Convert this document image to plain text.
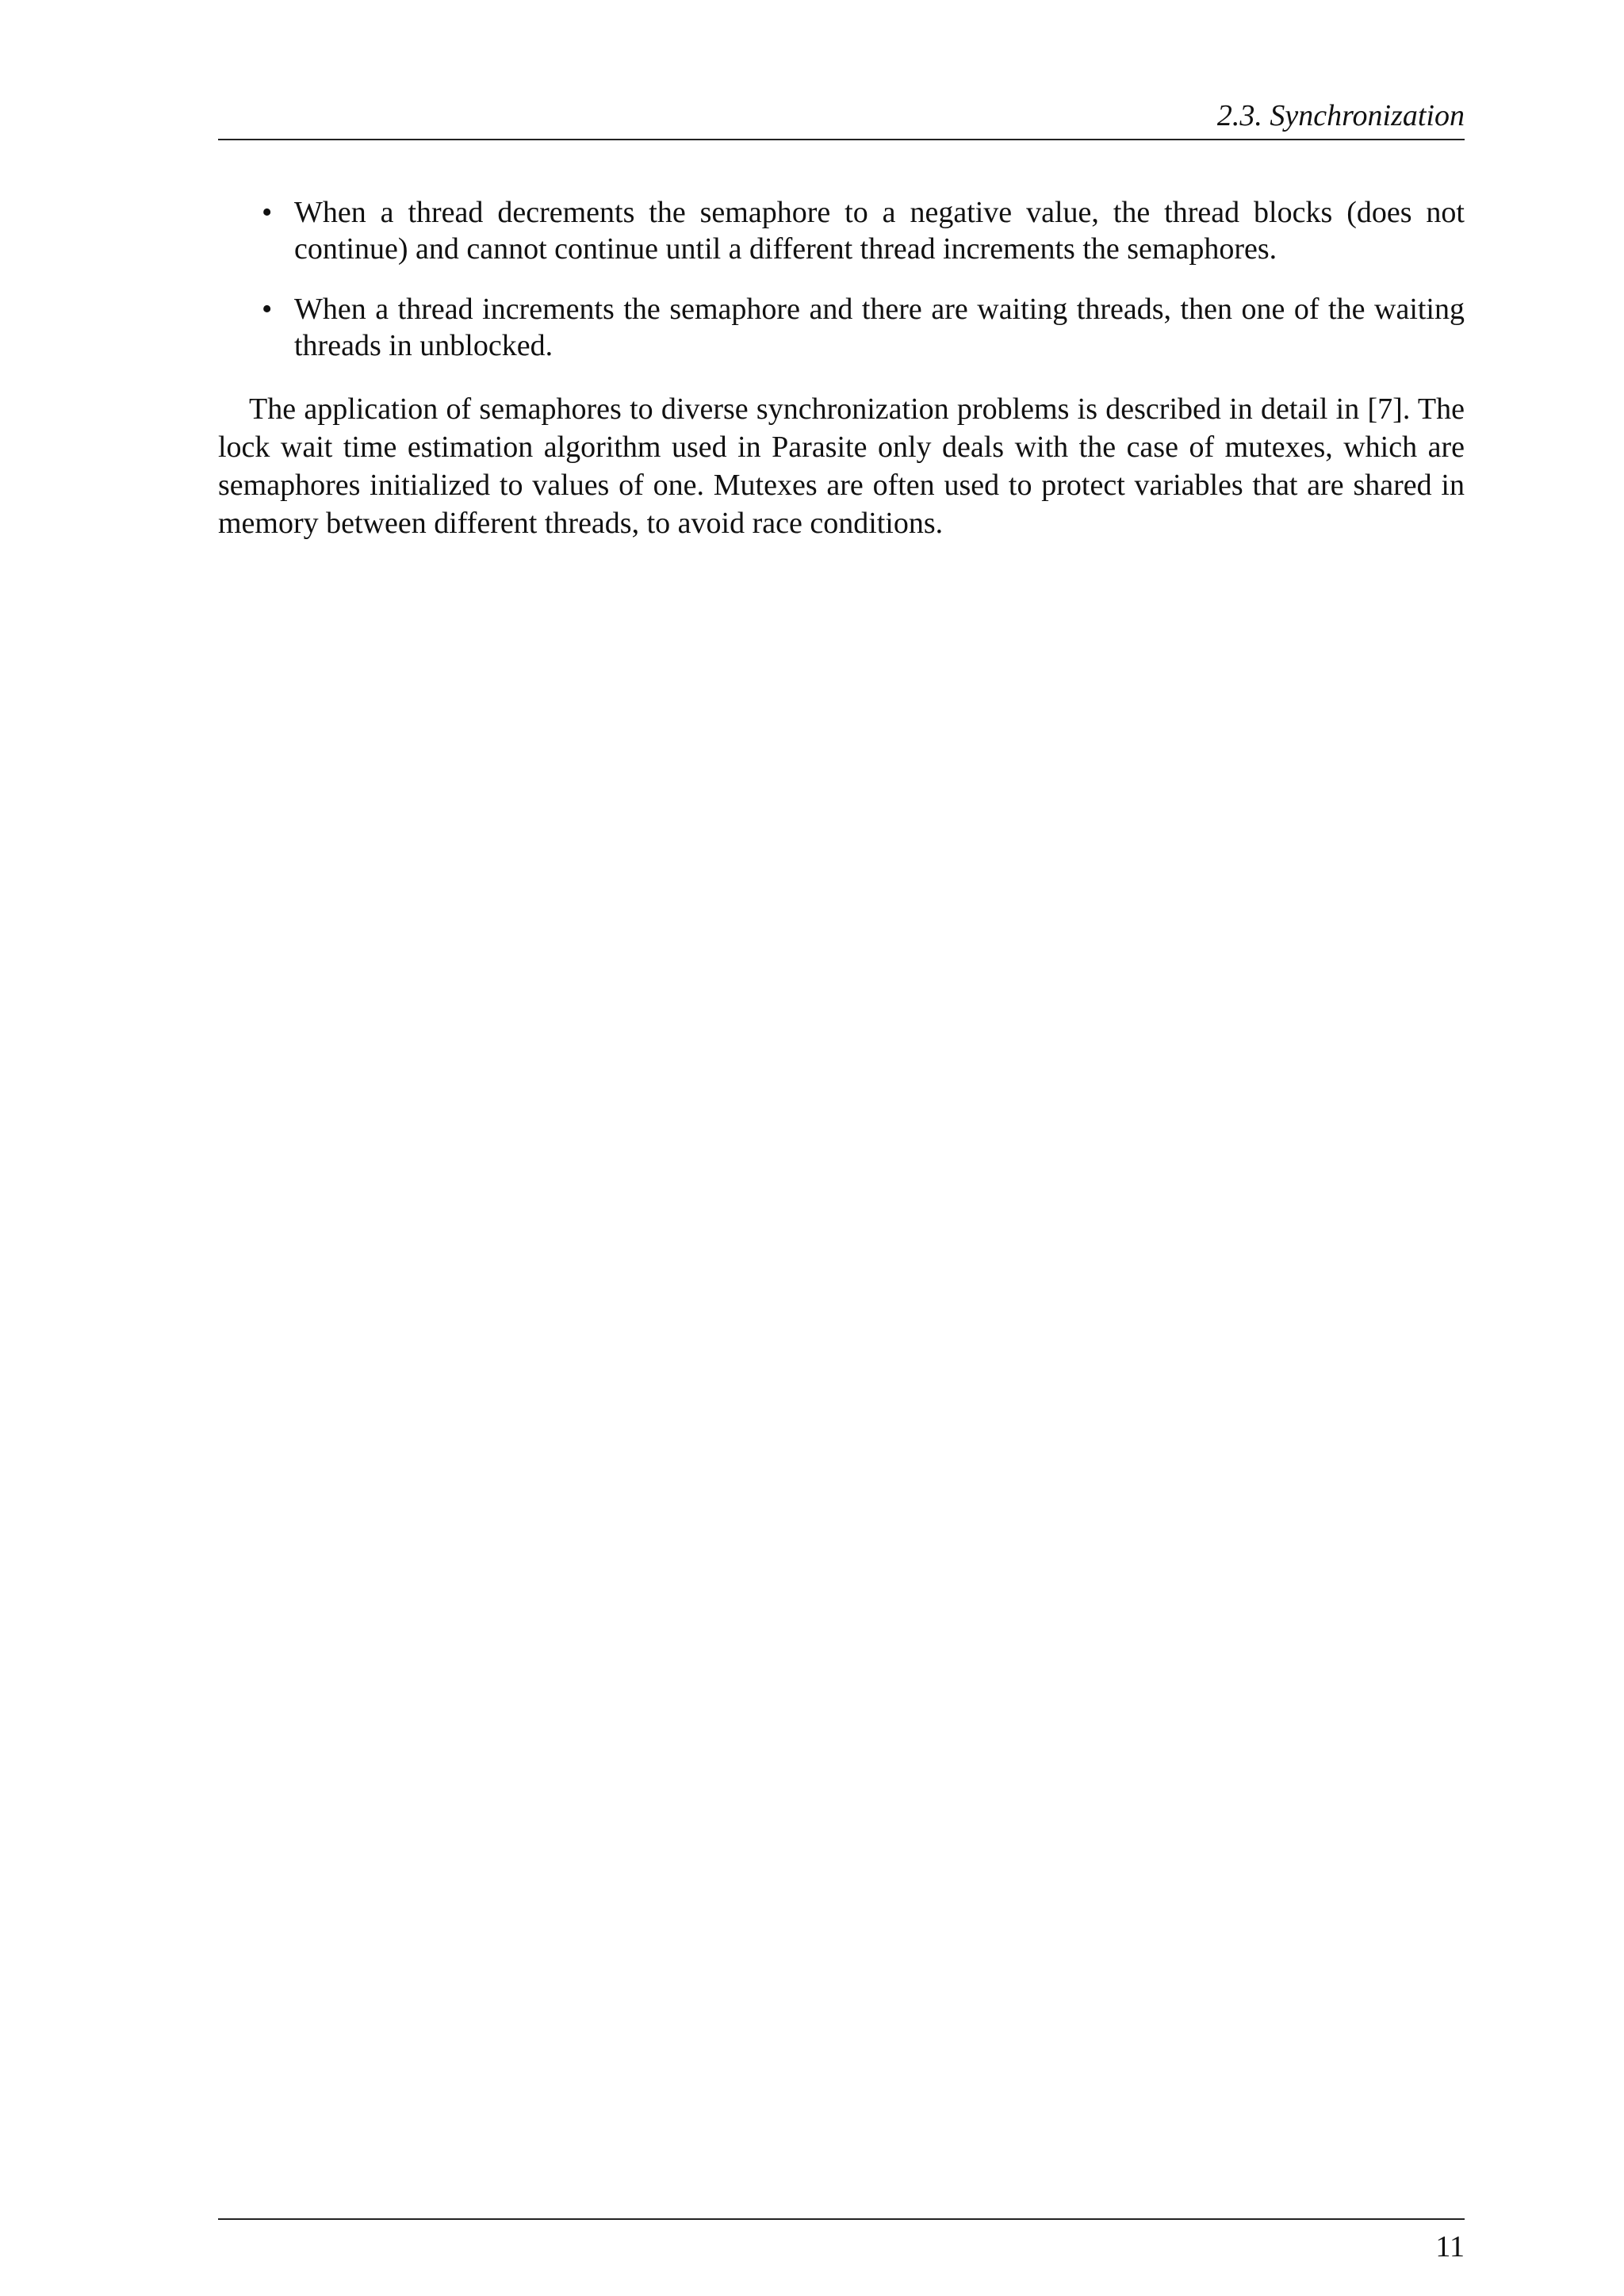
2.3. Synchronization
• When a thread decrements the semaphore to a negative value, the thread blocks (does not continue) and cannot continue until a different thread increments the semaphores.
• When a thread increments the semaphore and there are waiting threads, then one of the waiting threads in unblocked.

The application of semaphores to diverse synchronization problems is described in detail in [7]. The lock wait time estimation algorithm used in Parasite only deals with the case of mutexes, which are semaphores initialized to values of one. Mutexes are often used to protect variables that are shared in memory between different threads, to avoid race conditions.

11
